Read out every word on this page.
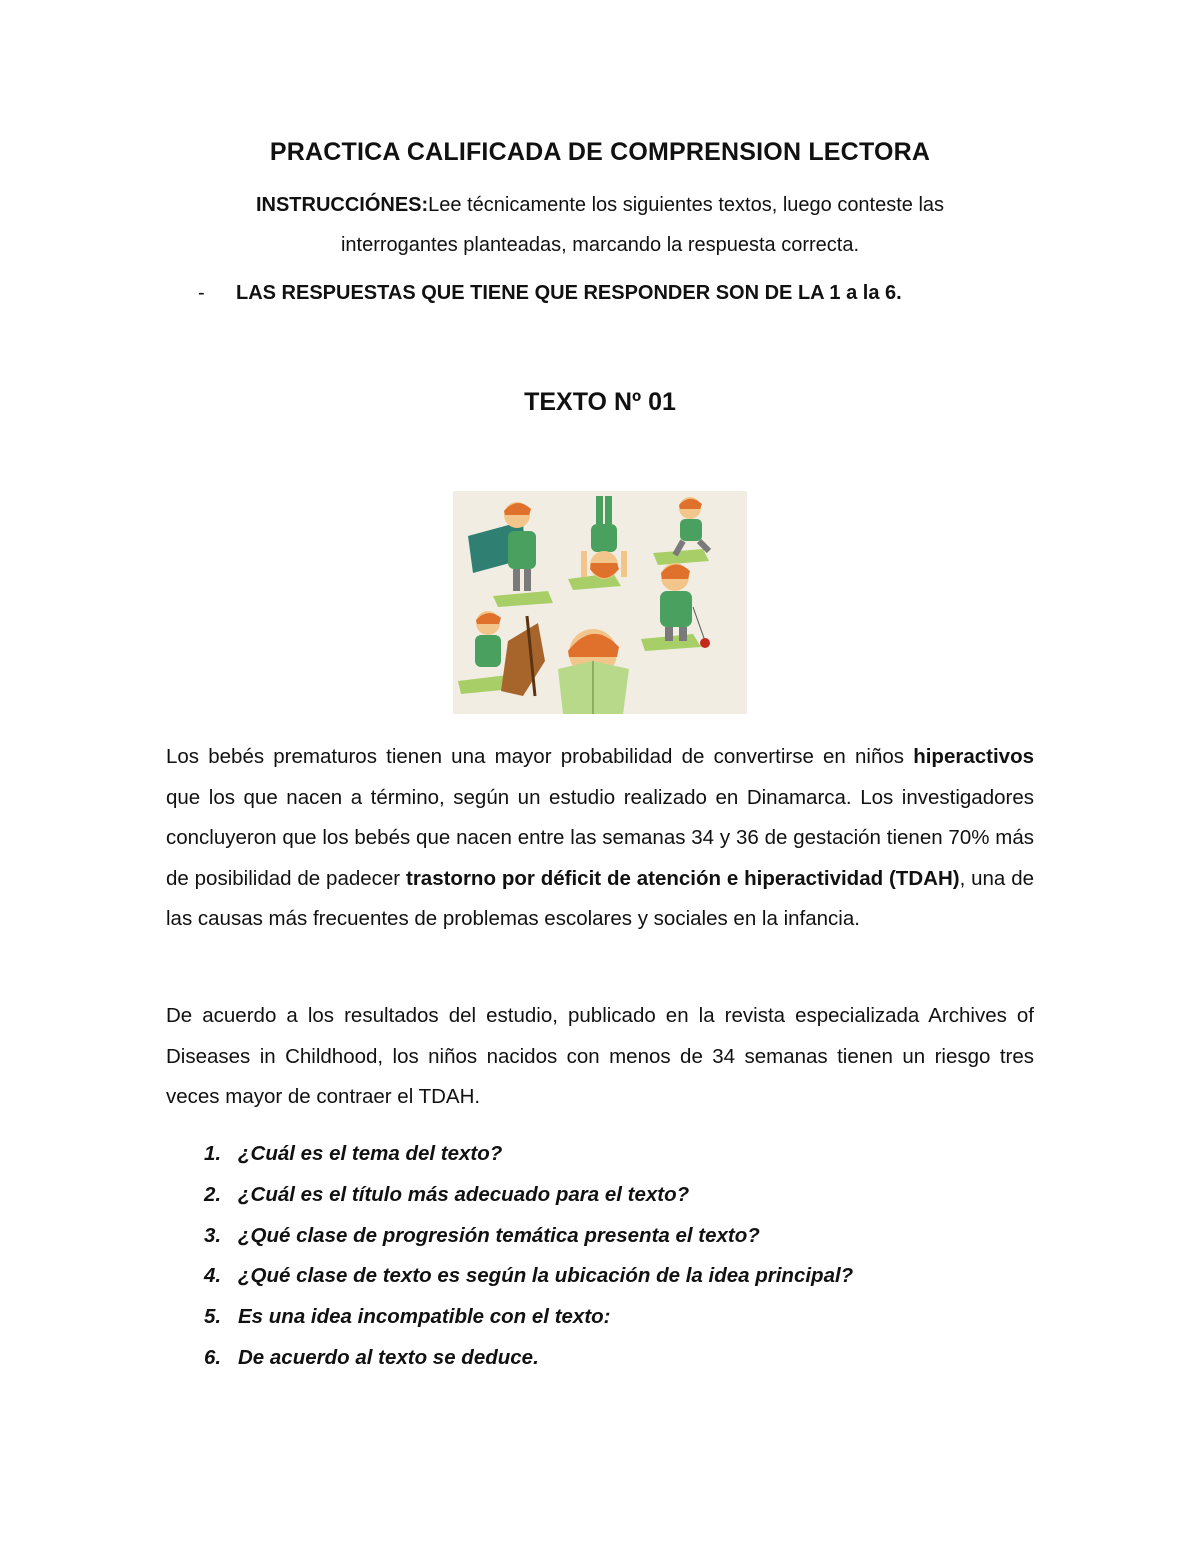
PRACTICA CALIFICADA DE COMPRENSION LECTORA
INSTRUCCIÓNES:Lee técnicamente los siguientes textos, luego conteste las
interrogantes planteadas, marcando la respuesta correcta.
- LAS RESPUESTAS QUE TIENE QUE RESPONDER SON DE LA 1 a la 6.
TEXTO Nº 01

Los bebés prematuros tienen una mayor probabilidad de convertirse en niños hiperactivos que los que nacen a término, según un estudio realizado en Dinamarca. Los investigadores concluyeron que los bebés que nacen entre las semanas 34 y 36 de gestación tienen 70% más de posibilidad de padecer trastorno por déficit de atención e hiperactividad (TDAH), una de las causas más frecuentes de problemas escolares y sociales en la infancia.

De acuerdo a los resultados del estudio, publicado en la revista especializada Archives of Diseases in Childhood, los niños nacidos con menos de 34 semanas tienen un riesgo tres veces mayor de contraer el TDAH.

1. ¿Cuál es el tema del texto?
2. ¿Cuál es el título más adecuado para el texto?
3. ¿Qué clase de progresión temática presenta el texto?
4. ¿Qué clase de texto es según la ubicación de la idea principal?
5. Es una idea incompatible con el texto:
6. De acuerdo al texto se deduce.
